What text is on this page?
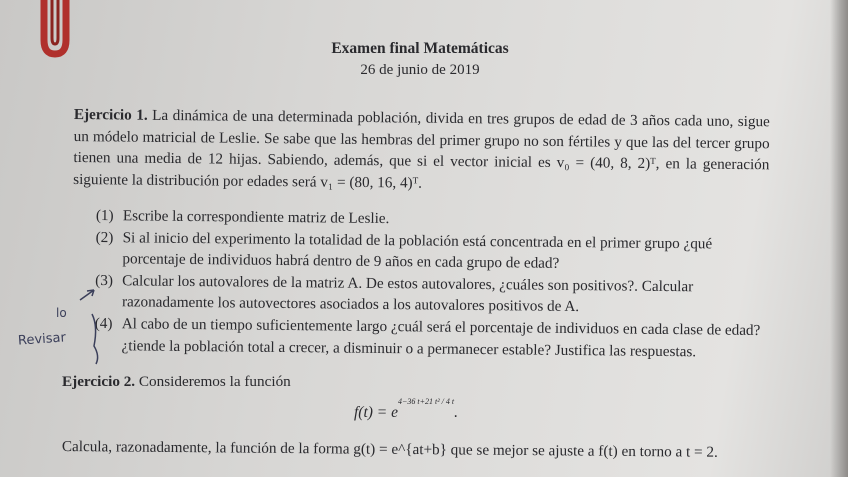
Examen final Matemáticas
26 de junio de 2019
Ejercicio 1. La dinámica de una determinada población, divida en tres grupos de edad de 3 años cada uno, sigue un módelo matricial de Leslie. Se sabe que las hembras del primer grupo no son fértiles y que las del tercer grupo tienen una media de 12 hijas. Sabiendo, además, que si el vector inicial es v₀ = (40, 8, 2)ᵀ, en la generación siguiente la distribución por edades será v₁ = (80, 16, 4)ᵀ.
(1) Escribe la correspondiente matriz de Leslie.
(2) Si al inicio del experimento la totalidad de la población está concentrada en el primer grupo ¿qué porcentaje de individuos habrá dentro de 9 años en cada grupo de edad?
(3) Calcular los autovalores de la matriz A. De estos autovalores, ¿cuáles son positivos?. Calcular razonadamente los autovectores asociados a los autovalores positivos de A.
(4) Al cabo de un tiempo suficientemente largo ¿cuál será el porcentaje de individuos en cada clase de edad? ¿tiende la población total a crecer, a disminuir o a permanecer estable? Justifica las respuestas.
Revisar
lo
Ejercicio 2. Consideremos la función
$f(t) = e^{4-36 t+21 t^2 / 4 t}$.
Calcula, razonadamente, la función de la forma g(t) = e^{at+b} que se mejor se ajuste a f(t) en torno a t = 2.
